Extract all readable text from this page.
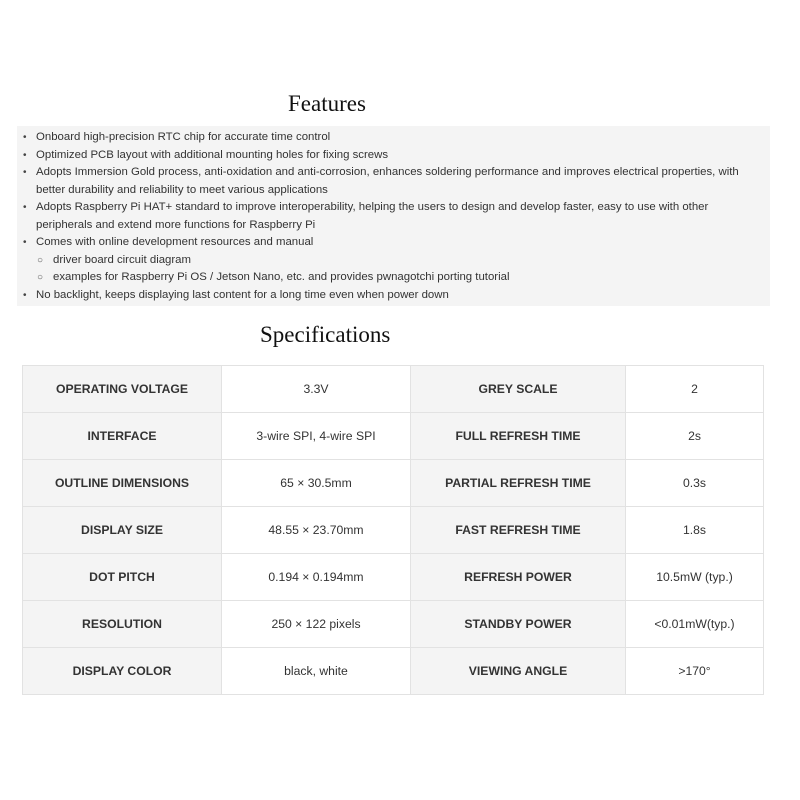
Features
• Onboard high-precision RTC chip for accurate time control
• Optimized PCB layout with additional mounting holes for fixing screws
• Adopts Immersion Gold process, anti-oxidation and anti-corrosion, enhances soldering performance and improves electrical properties, with better durability and reliability to meet various applications
• Adopts Raspberry Pi HAT+ standard to improve interoperability, helping the users to design and develop faster, easy to use with other peripherals and extend more functions for Raspberry Pi
• Comes with online development resources and manual
○ driver board circuit diagram
○ examples for Raspberry Pi OS / Jetson Nano, etc. and provides pwnagotchi porting tutorial
• No backlight, keeps displaying last content for a long time even when power down
Specifications
OPERATING VOLTAGE	3.3V	GREY SCALE	2
INTERFACE	3-wire SPI, 4-wire SPI	FULL REFRESH TIME	2s
OUTLINE DIMENSIONS	65 × 30.5mm	PARTIAL REFRESH TIME	0.3s
DISPLAY SIZE	48.55 × 23.70mm	FAST REFRESH TIME	1.8s
DOT PITCH	0.194 × 0.194mm	REFRESH POWER	10.5mW (typ.)
RESOLUTION	250 × 122 pixels	STANDBY POWER	<0.01mW(typ.)
DISPLAY COLOR	black, white	VIEWING ANGLE	>170°
